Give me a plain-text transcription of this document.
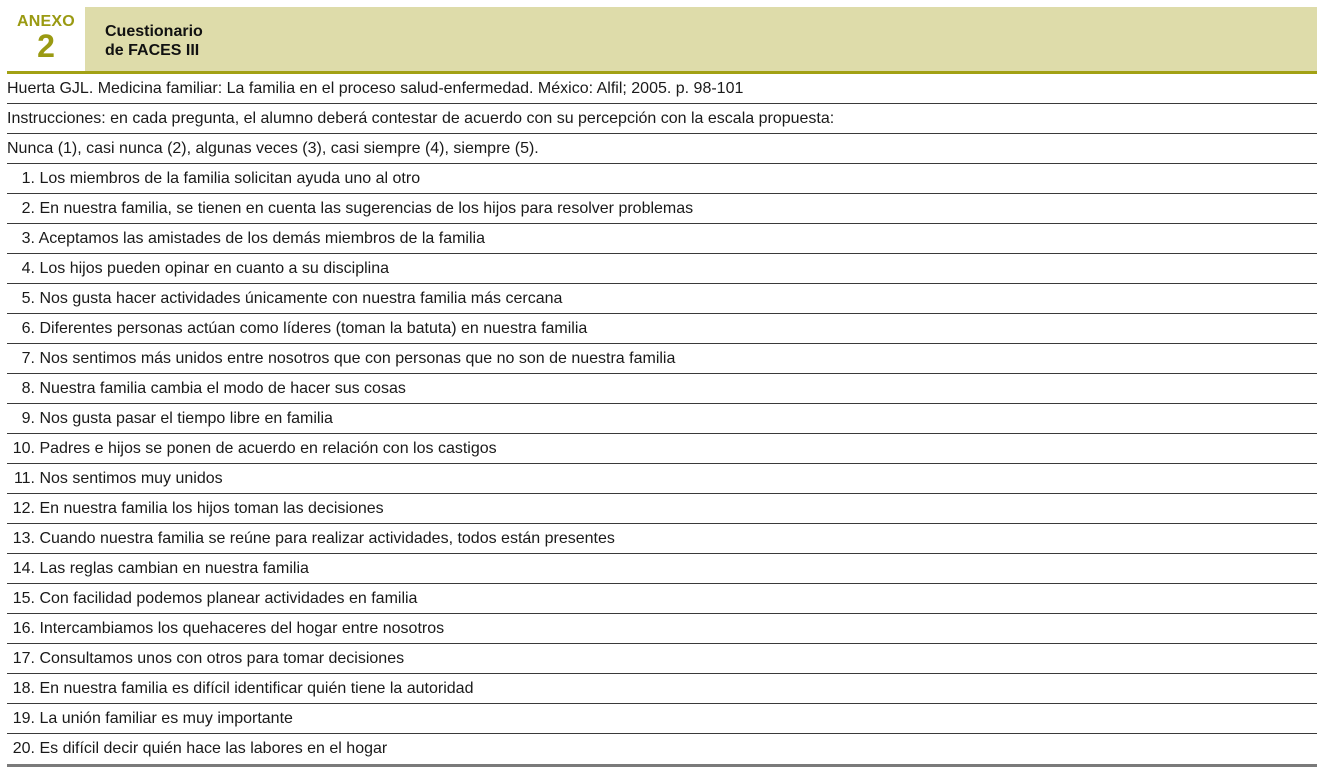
ANEXO
2	Cuestionario
de FACES III
Huerta GJL. Medicina familiar: La familia en el proceso salud-enfermedad. México: Alfil; 2005. p. 98-101
Instrucciones: en cada pregunta, el alumno deberá contestar de acuerdo con su percepción con la escala propuesta:
Nunca (1), casi nunca (2), algunas veces (3), casi siempre (4), siempre (5).
1. Los miembros de la familia solicitan ayuda uno al otro
2. En nuestra familia, se tienen en cuenta las sugerencias de los hijos para resolver problemas
3. Aceptamos las amistades de los demás miembros de la familia
4. Los hijos pueden opinar en cuanto a su disciplina
5. Nos gusta hacer actividades únicamente con nuestra familia más cercana
6. Diferentes personas actúan como líderes (toman la batuta) en nuestra familia
7. Nos sentimos más unidos entre nosotros que con personas que no son de nuestra familia
8. Nuestra familia cambia el modo de hacer sus cosas
9. Nos gusta pasar el tiempo libre en familia
10. Padres e hijos se ponen de acuerdo en relación con los castigos
11. Nos sentimos muy unidos
12. En nuestra familia los hijos toman las decisiones
13. Cuando nuestra familia se reúne para realizar actividades, todos están presentes
14. Las reglas cambian en nuestra familia
15. Con facilidad podemos planear actividades en familia
16. Intercambiamos los quehaceres del hogar entre nosotros
17. Consultamos unos con otros para tomar decisiones
18. En nuestra familia es difícil identificar quién tiene la autoridad
19. La unión familiar es muy importante
20. Es difícil decir quién hace las labores en el hogar
